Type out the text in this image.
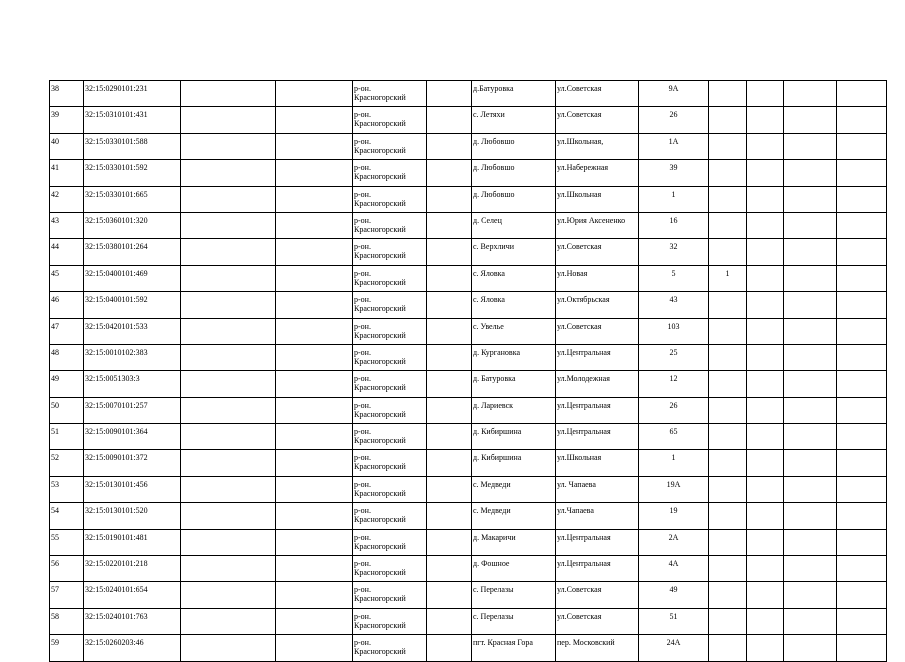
38	32:15:0290101:231			р-он.
Красногорский		д.Батуровка	ул.Советская	9А				
39	32:15:0310101:431			р-он.
Красногорский		с. Летяхи	ул.Советская	26				
40	32:15:0330101:588			р-он.
Красногорский		д. Любовшо	ул.Школьная,	1А				
41	32:15:0330101:592			р-он.
Красногорский		д. Любовшо	ул.Набережная	39				
42	32:15:0330101:665			р-он.
Красногорский		д. Любовшо	ул.Школьная	1				
43	32:15:0360101:320			р-он.
Красногорский		д. Селец	ул.Юрия Аксененко	16				
44	32:15:0380101:264			р-он.
Красногорский		с. Верхличи	ул.Советская	32				
45	32:15:0400101:469			р-он.
Красногорский		с. Яловка	ул.Новая	5	1			
46	32:15:0400101:592			р-он.
Красногорский		с. Яловка	ул.Октябрьская	43				
47	32:15:0420101:533			р-он.
Красногорский		с. Увелье	ул.Советская	103				
48	32:15:0010102:383			р-он.
Красногорский		д. Кургановка	ул.Центральная	25				
49	32:15:0051303:3			р-он.
Красногорский		д. Батуровка	ул.Молодежная	12				
50	32:15:0070101:257			р-он.
Красногорский		д. Лариевск	ул.Центральная	26				
51	32:15:0090101:364			р-он.
Красногорский		д. Кибиршина	ул.Центральная	65				
52	32:15:0090101:372			р-он.
Красногорский		д. Кибиршина	ул.Школьная	1				
53	32:15:0130101:456			р-он.
Красногорский		с. Медведи	ул. Чапаева	19А				
54	32:15:0130101:520			р-он.
Красногорский		с. Медведи	ул.Чапаева	19				
55	32:15:0190101:481			р-он.
Красногорский		д. Макаричи	ул.Центральная	2А				
56	32:15:0220101:218			р-он.
Красногорский		д. Фошное	ул.Центральная	4А				
57	32:15:0240101:654			р-он.
Красногорский		с. Перелазы	ул.Советская	49				
58	32:15:0240101:763			р-он.
Красногорский		с. Перелазы	ул.Советская	51				
59	32:15:0260203:46			р-он.
Красногорский		пгт. Красная Гора	пер. Московский	24А				
